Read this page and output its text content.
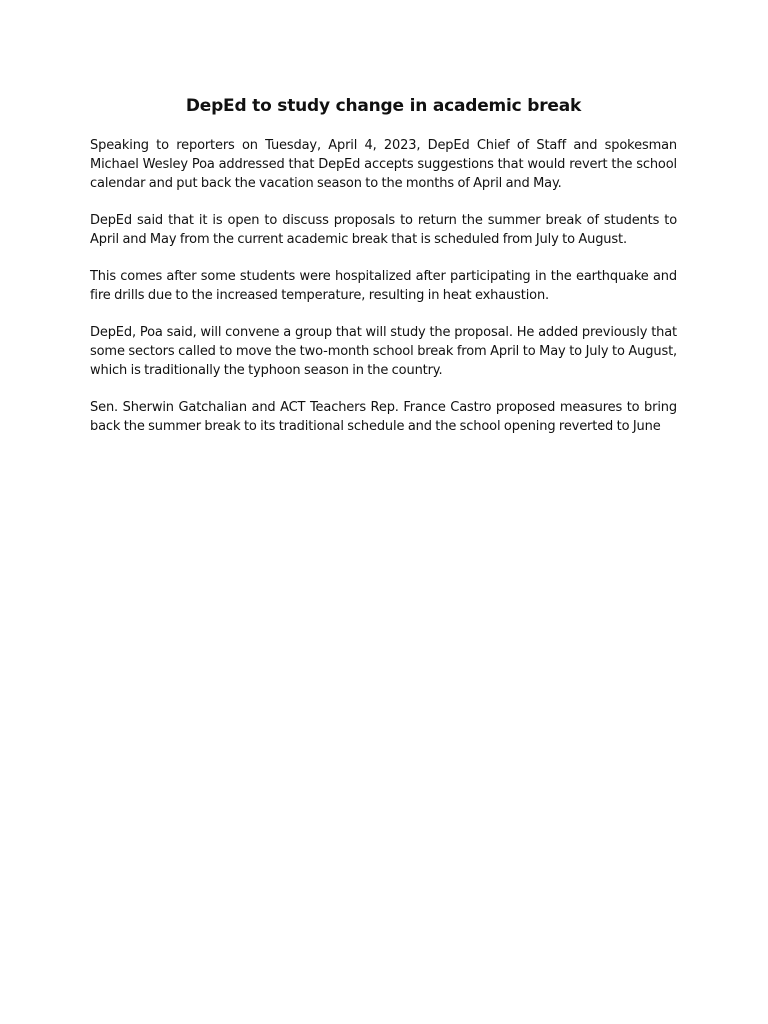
DepEd to study change in academic break

Speaking to reporters on Tuesday, April 4, 2023, DepEd Chief of Staff and spokesman Michael Wesley Poa addressed that DepEd accepts suggestions that would revert the school calendar and put back the vacation season to the months of April and May.

DepEd said that it is open to discuss proposals to return the summer break of students to April and May from the current academic break that is scheduled from July to August.

This comes after some students were hospitalized after participating in the earthquake and fire drills due to the increased temperature, resulting in heat exhaustion.

DepEd, Poa said, will convene a group that will study the proposal. He added previously that some sectors called to move the two-month school break from April to May to July to August, which is traditionally the typhoon season in the country.

Sen. Sherwin Gatchalian and ACT Teachers Rep. France Castro proposed measures to bring back the summer break to its traditional schedule and the school opening reverted to June
